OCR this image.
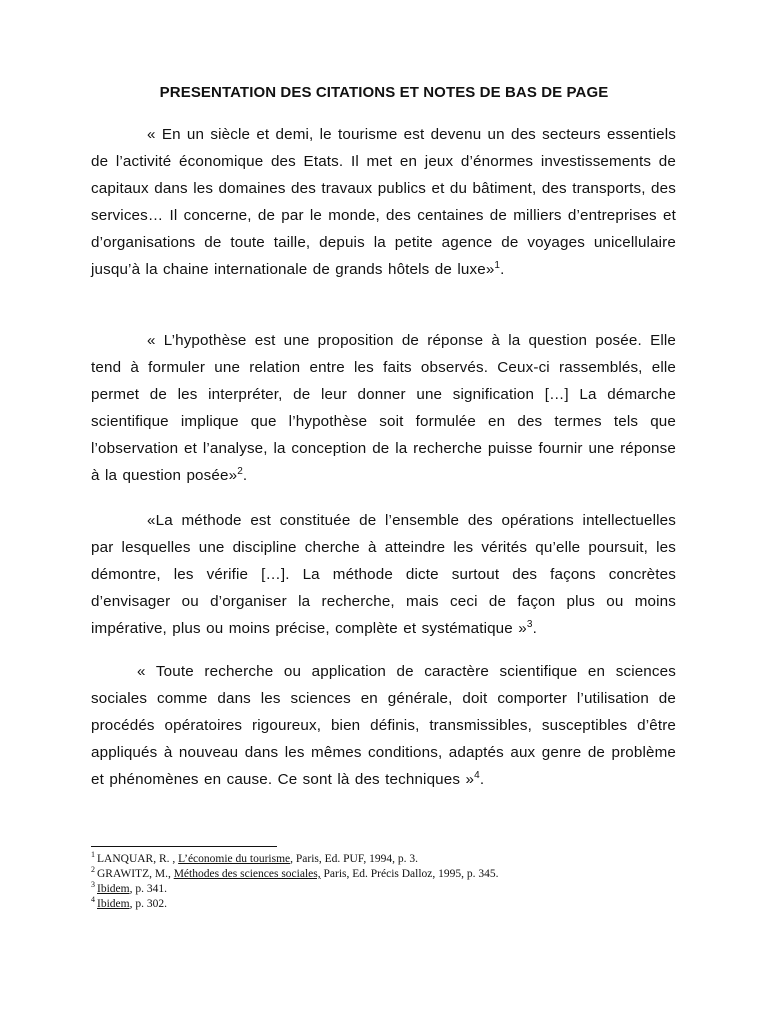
PRESENTATION DES CITATIONS ET NOTES DE BAS DE PAGE

« En un siècle et demi, le tourisme est devenu un des secteurs essentiels de l’activité économique des Etats. Il met en jeux d’énormes investissements de capitaux dans les domaines des travaux publics et du bâtiment, des transports, des services… Il concerne, de par le monde, des centaines de milliers d’entreprises et d’organisations de toute taille, depuis la petite agence de voyages unicellulaire jusqu’à la chaine internationale de grands hôtels de luxe»$^1$.

« L’hypothèse est une proposition de réponse à la question posée. Elle tend à formuler une relation entre les faits observés. Ceux-ci rassemblés, elle permet de les interpréter, de leur donner une signification […] La démarche scientifique implique que l’hypothèse soit formulée en des termes tels que l’observation et l’analyse, la conception de la recherche puisse fournir une réponse à la question posée»$^2$.

«La méthode est constituée de l’ensemble des opérations intellectuelles par lesquelles une discipline cherche à atteindre les vérités qu’elle poursuit, les démontre, les vérifie […]. La méthode dicte surtout des façons concrètes d’envisager ou d’organiser la recherche, mais ceci de façon plus ou moins impérative, plus ou moins précise, complète et systématique »$^3$.

« Toute recherche ou application de caractère scientifique en sciences sociales comme dans les sciences en générale, doit comporter l’utilisation de procédés opératoires rigoureux, bien définis, transmissibles, susceptibles d’être appliqués à nouveau dans les mêmes conditions, adaptés aux genre de problème et phénomènes en cause. Ce sont là des techniques »$^4$.

$^1$ LANQUAR, R. , L’économie du tourisme, Paris, Ed. PUF, 1994, p. 3.
$^2$ GRAWITZ, M., Méthodes des sciences sociales, Paris, Ed. Précis Dalloz, 1995, p. 345.
$^3$ Ibidem, p. 341.
$^4$ Ibidem, p. 302.
